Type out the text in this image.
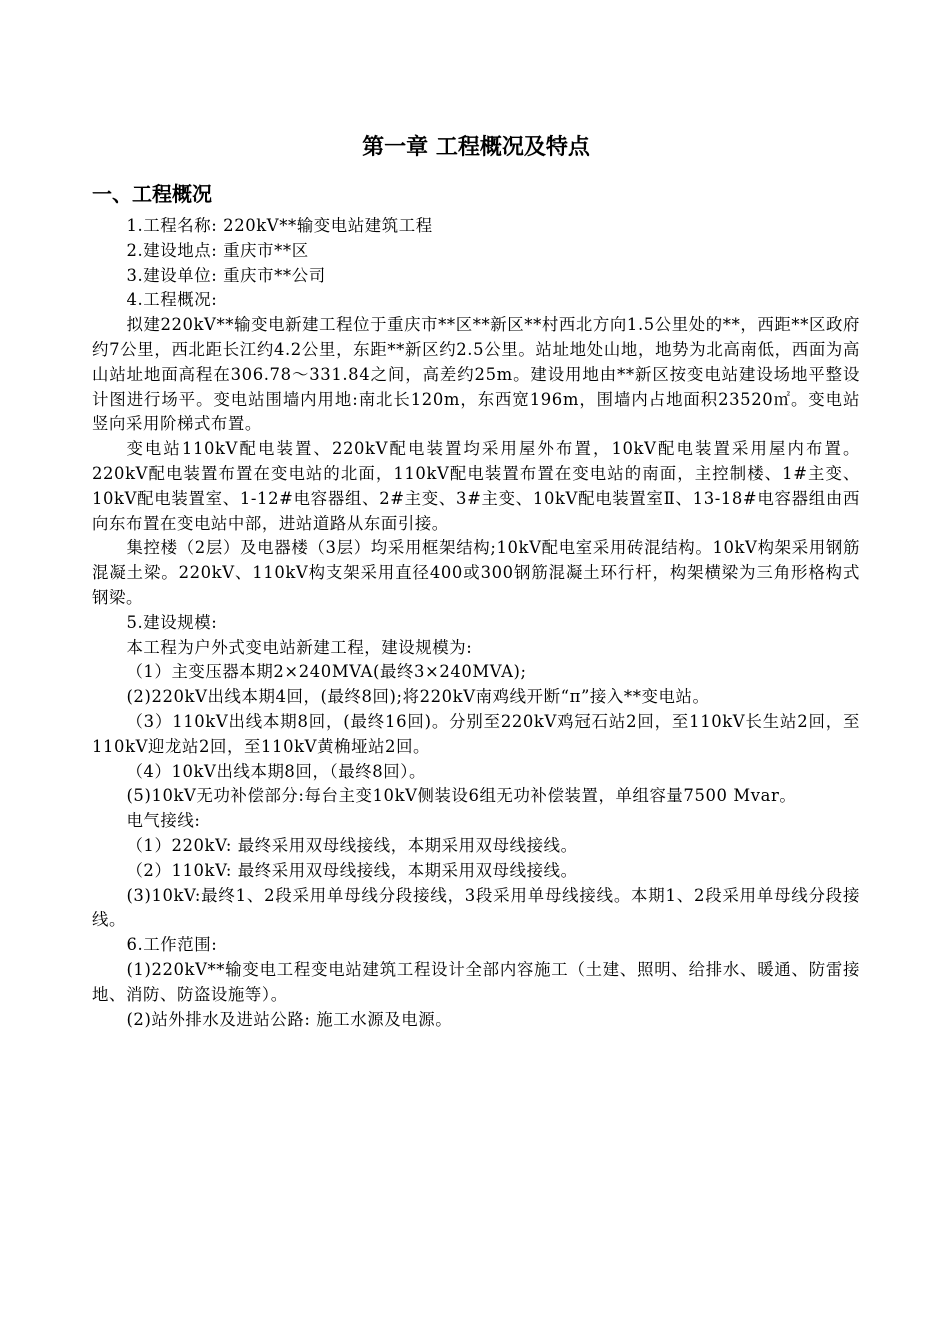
第一章 工程概况及特点
一、工程概况

1.工程名称: 220kV**输变电站建筑工程

2.建设地点: 重庆市**区

3.建设单位: 重庆市**公司

4.工程概况:

拟建220kV**输变电新建工程位于重庆市**区**新区**村西北方向1.5公里处的**，西距**区政府约7公里，西北距长江约4.2公里，东距**新区约2.5公里。站址地处山地，地势为北高南低，西面为高山站址地面高程在306.78～331.84之间，高差约25m。建设用地由**新区按变电站建设场地平整设计图进行场平。变电站围墙内用地:南北长120m，东西宽196m，围墙内占地面积23520㎡。变电站竖向采用阶梯式布置。

变电站110kV配电装置、220kV配电装置均采用屋外布置，10kV配电装置采用屋内布置。220kV配电装置布置在变电站的北面，110kV配电装置布置在变电站的南面，主控制楼、1#主变、10kV配电装置室、1-12#电容器组、2#主变、3#主变、10kV配电装置室Ⅱ、13-18#电容器组由西向东布置在变电站中部，进站道路从东面引接。

集控楼（2层）及电器楼（3层）均采用框架结构;10kV配电室采用砖混结构。10kV构架采用钢筋混凝土梁。220kV、110kV构支架采用直径400或300钢筋混凝土环行杆，构架横梁为三角形格构式钢梁。

5.建设规模:

本工程为户外式变电站新建工程，建设规模为:

（1）主变压器本期2×240MVA(最终3×240MVA);

(2)220kV出线本期4回，(最终8回);将220kV南鸡线开断“π”接入**变电站。

（3）110kV出线本期8回，(最终16回)。分别至220kV鸡冠石站2回，至110kV长生站2回，至110kV迎龙站2回，至110kV黄桷垭站2回。

（4）10kV出线本期8回，（最终8回）。

(5)10kV无功补偿部分:每台主变10kV侧装设6组无功补偿装置，单组容量7500 Mvar。

电气接线:

（1）220kV: 最终采用双母线接线，本期采用双母线接线。

（2）110kV: 最终采用双母线接线，本期采用双母线接线。

(3)10kV:最终1、2段采用单母线分段接线，3段采用单母线接线。本期1、2段采用单母线分段接线。

6.工作范围:

(1)220kV**输变电工程变电站建筑工程设计全部内容施工（土建、照明、给排水、暖通、防雷接地、消防、防盗设施等）。

(2)站外排水及进站公路: 施工水源及电源。
